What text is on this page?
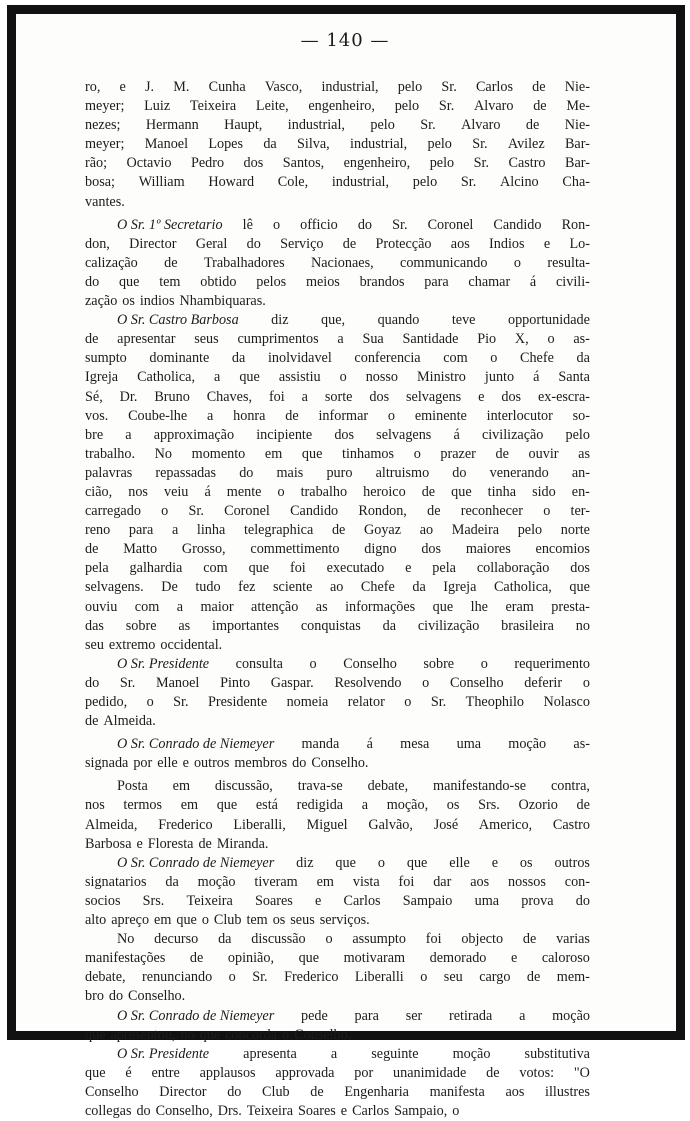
— 140 —
ro, e J. M. Cunha Vasco, industrial, pelo Sr. Carlos de Nie-
meyer; Luiz Teixeira Leite, engenheiro, pelo Sr. Alvaro de Me-
nezes; Hermann Haupt, industrial, pelo Sr. Alvaro de Nie-
meyer; Manoel Lopes da Silva, industrial, pelo Sr. Avilez Bar-
rão; Octavio Pedro dos Santos, engenheiro, pelo Sr. Castro Bar-
bosa; William Howard Cole, industrial, pelo Sr. Alcino Cha-
vantes.
O Sr. 1º Secretario lê o officio do Sr. Coronel Candido Ron-
don, Director Geral do Serviço de Protecção aos Indios e Lo-
calização de Trabalhadores Nacionaes, communicando o resulta-
do que tem obtido pelos meios brandos para chamar á civili-
zação os indios Nhambiquaras.
O Sr. Castro Barbosa diz que, quando teve opportunidade
de apresentar seus cumprimentos a Sua Santidade Pio X, o as-
sumpto dominante da inolvidavel conferencia com o Chefe da
Igreja Catholica, a que assistiu o nosso Ministro junto á Santa
Sé, Dr. Bruno Chaves, foi a sorte dos selvagens e dos ex-escra-
vos. Coube-lhe a honra de informar o eminente interlocutor so-
bre a approximação incipiente dos selvagens á civilização pelo
trabalho. No momento em que tinhamos o prazer de ouvir as
palavras repassadas do mais puro altruismo do venerando an-
cião, nos veiu á mente o trabalho heroico de que tinha sido en-
carregado o Sr. Coronel Candido Rondon, de reconhecer o ter-
reno para a linha telegraphica de Goyaz ao Madeira pelo norte
de Matto Grosso, commettimento digno dos maiores encomios
pela galhardia com que foi executado e pela collaboração dos
selvagens. De tudo fez sciente ao Chefe da Igreja Catholica, que
ouviu com a maior attenção as informações que lhe eram presta-
das sobre as importantes conquistas da civilização brasileira no
seu extremo occidental.
O Sr. Presidente consulta o Conselho sobre o requerimento
do Sr. Manoel Pinto Gaspar. Resolvendo o Conselho deferir o
pedido, o Sr. Presidente nomeia relator o Sr. Theophilo Nolasco
de Almeida.
O Sr. Conrado de Niemeyer manda á mesa uma moção as-
signada por elle e outros membros do Conselho.
Posta em discussão, trava-se debate, manifestando-se contra,
nos termos em que está redigida a moção, os Srs. Ozorio de
Almeida, Frederico Liberalli, Miguel Galvão, José Americo, Castro
Barbosa e Floresta de Miranda.
O Sr. Conrado de Niemeyer diz que o que elle e os outros
signatarios da moção tiveram em vista foi dar aos nossos con-
socios Srs. Teixeira Soares e Carlos Sampaio uma prova do
alto apreço em que o Club tem os seus serviços.
No decurso da discussão o assumpto foi objecto de varias
manifestações de opinião, que motivaram demorado e caloroso
debate, renunciando o Sr. Frederico Liberalli o seu cargo de mem-
bro do Conselho.
O Sr. Conrado de Niemeyer pede para ser retirada a moção
que apresentou, no que concorda o Conselho.
O Sr. Presidente apresenta a seguinte moção substitutiva
que é entre applausos approvada por unanimidade de votos: "O
Conselho Director do Club de Engenharia manifesta aos illustres
collegas do Conselho, Drs. Teixeira Soares e Carlos Sampaio, o
